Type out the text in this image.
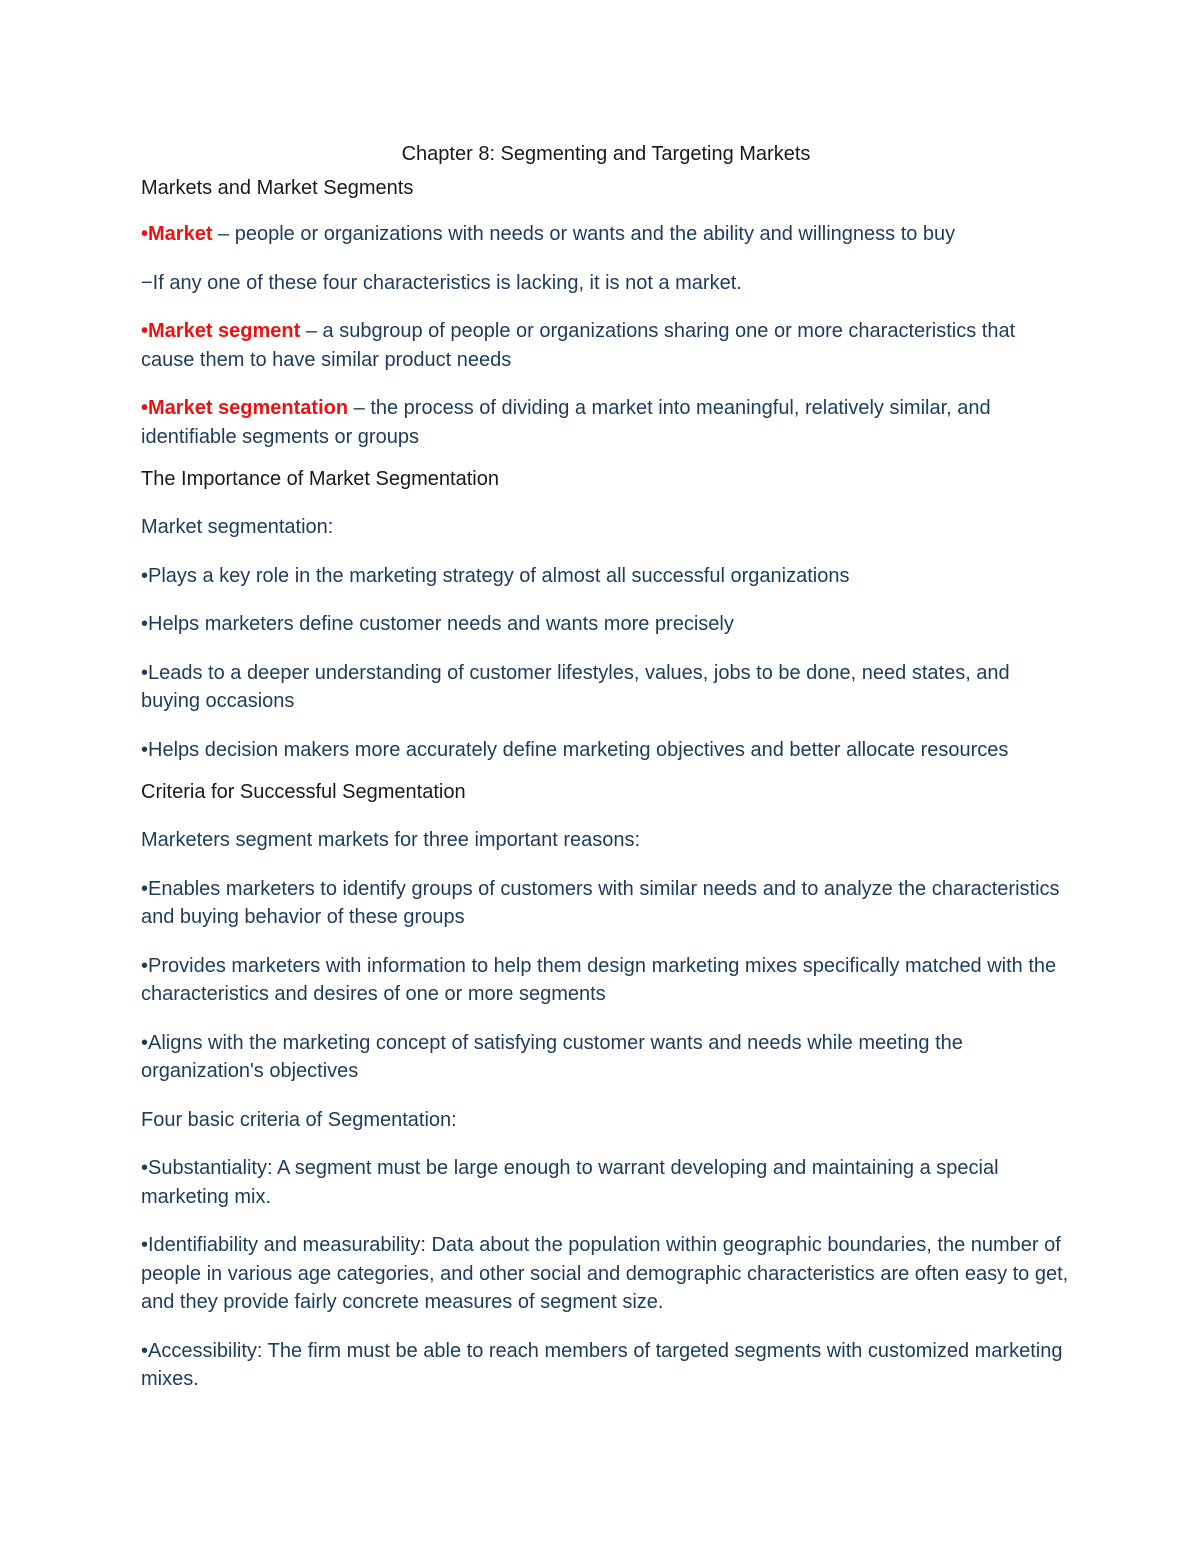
Chapter 8: Segmenting and Targeting Markets
Markets and Market Segments
•Market – people or organizations with needs or wants and the ability and willingness to buy
−If any one of these four characteristics is lacking, it is not a market.
•Market segment – a subgroup of people or organizations sharing one or more characteristics that cause them to have similar product needs
•Market segmentation – the process of dividing a market into meaningful, relatively similar, and identifiable segments or groups
The Importance of Market Segmentation
Market segmentation:
•Plays a key role in the marketing strategy of almost all successful organizations
•Helps marketers define customer needs and wants more precisely
•Leads to a deeper understanding of customer lifestyles, values, jobs to be done, need states, and buying occasions
•Helps decision makers more accurately define marketing objectives and better allocate resources
Criteria for Successful Segmentation
Marketers segment markets for three important reasons:
•Enables marketers to identify groups of customers with similar needs and to analyze the characteristics and buying behavior of these groups
•Provides marketers with information to help them design marketing mixes specifically matched with the characteristics and desires of one or more segments
•Aligns with the marketing concept of satisfying customer wants and needs while meeting the organization's objectives
Four basic criteria of Segmentation:
•Substantiality: A segment must be large enough to warrant developing and maintaining a special marketing mix.
•Identifiability and measurability: Data about the population within geographic boundaries, the number of people in various age categories, and other social and demographic characteristics are often easy to get, and they provide fairly concrete measures of segment size.
•Accessibility: The firm must be able to reach members of targeted segments with customized marketing mixes.
